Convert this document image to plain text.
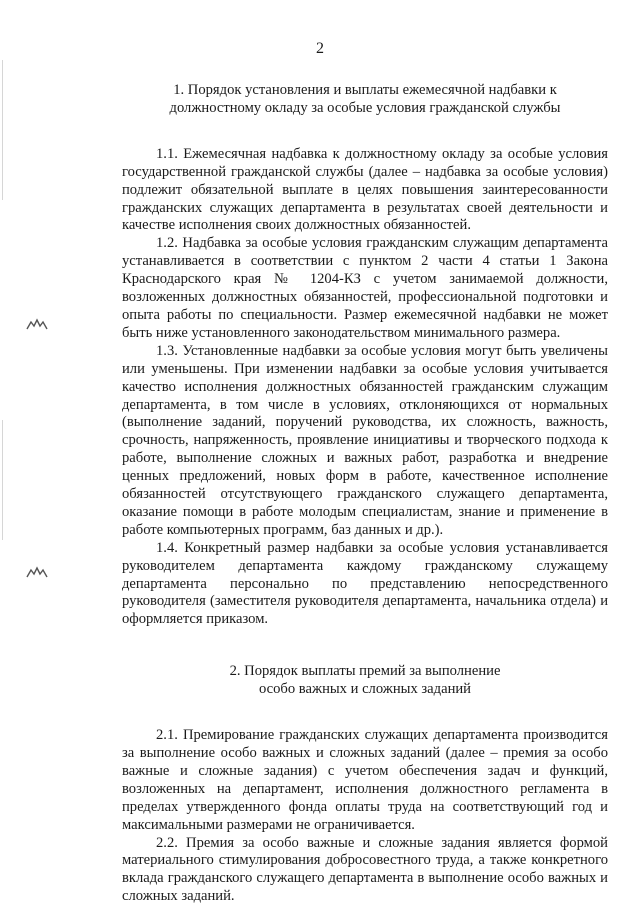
2
1. Порядок установления и выплаты ежемесячной надбавки к
должностному окладу за особые условия гражданской службы

1.1. Ежемесячная надбавка к должностному окладу за особые условия государственной гражданской службы (далее – надбавка за особые условия) подлежит обязательной выплате в целях повышения заинтересованности гражданских служащих департамента в результатах своей деятельности и качестве исполнения своих должностных обязанностей.

1.2. Надбавка за особые условия гражданским служащим департамента устанавливается в соответствии с пунктом 2 части 4 статьи 1 Закона Краснодарского края № 1204-КЗ с учетом занимаемой должности, возложенных должностных обязанностей, профессиональной подготовки и опыта работы по специальности. Размер ежемесячной надбавки не может быть ниже установленного законодательством минимального размера.

1.3. Установленные надбавки за особые условия могут быть увеличены или уменьшены. При изменении надбавки за особые условия учитывается качество исполнения должностных обязанностей гражданским служащим департамента, в том числе в условиях, отклоняющихся от нормальных (выполнение заданий, поручений руководства, их сложность, важность, срочность, напряженность, проявление инициативы и творческого подхода к работе, выполнение сложных и важных работ, разработка и внедрение ценных предложений, новых форм в работе, качественное исполнение обязанностей отсутствующего гражданского служащего департамента, оказание помощи в работе молодым специалистам, знание и применение в работе компьютерных программ, баз данных и др.).

1.4. Конкретный размер надбавки за особые условия устанавливается руководителем департамента каждому гражданскому служащему департамента персонально по представлению непосредственного руководителя (заместителя руководителя департамента, начальника отдела) и оформляется приказом.

2. Порядок выплаты премий за выполнение
особо важных и сложных заданий

2.1. Премирование гражданских служащих департамента производится за выполнение особо важных и сложных заданий (далее – премия за особо важные и сложные задания) с учетом обеспечения задач и функций, возложенных на департамент, исполнения должностного регламента в пределах утвержденного фонда оплаты труда на соответствующий год и максимальными размерами не ограничивается.

2.2. Премия за особо важные и сложные задания является формой материального стимулирования добросовестного труда, а также конкретного вклада гражданского служащего департамента в выполнение особо важных и сложных заданий.
